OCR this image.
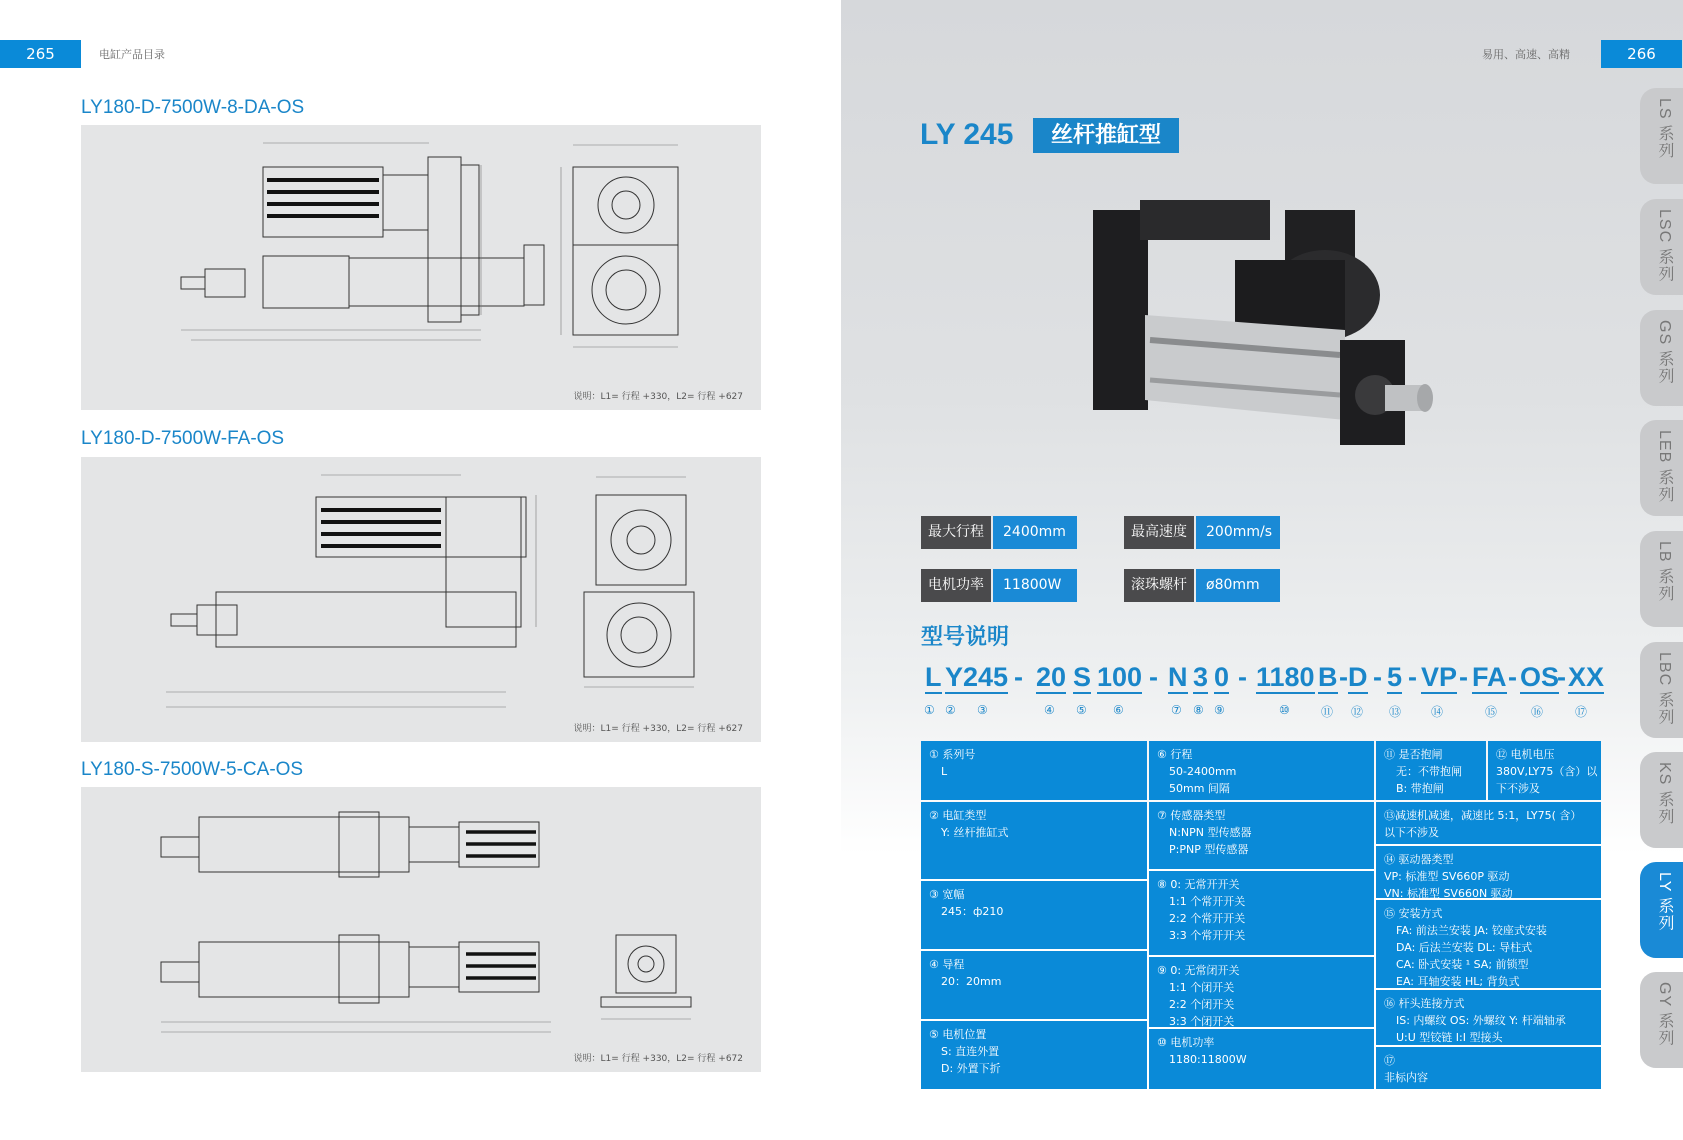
265	电缸产品目录
LY180-D-7500W-8-DA-OS
说明：L1= 行程 +330，L2= 行程 +627
LY180-D-7500W-FA-OS
说明：L1= 行程 +330，L2= 行程 +627
LY180-S-7500W-5-CA-OS
说明：L1= 行程 +330，L2= 行程 +672
易用、高速、高精	266
LY 245	丝杆推缸型
最大行程	2400mm	最高速度	200mm/s
电机功率	11800W	滚珠螺杆	ø80mm
型号说明
L Y 245 - 20 S 100 - N 3 0 - 1180 B - D - 5 - VP - FA - OS
- XX
① ② ③	④ ⑤ ⑥	⑦ ⑧ ⑨	⑩	⑪ ⑫ ⑬ ⑭	⑮	⑯	⑰
① 系列号
L
② 电缸类型
Y: 丝杆推缸式
③ 宽幅
245：ф210
④ 导程
20：20mm
⑤ 电机位置
S: 直连外置
D: 外置下折
⑥ 行程
50-2400mm
50mm 间隔
⑦ 传感器类型
N:NPN 型传感器
P:PNP 型传感器
⑧ 0: 无常开开关
1:1 个常开开关
2:2 个常开开关
3:3 个常开开关
⑨ 0: 无常闭开关
1:1 个闭开关
2:2 个闭开关
3:3 个闭开关
⑩ 电机功率
1180:11800W
⑪ 是否抱闸
无：不带抱闸
B: 带抱闸
⑫ 电机电压
380V,LY75（含）以
下不涉及
⑬减速机减速，减速比 5:1，LY75( 含）
以下不涉及
⑭ 驱动器类型
VP: 标准型 SV660P 驱动
VN: 标准型 SV660N 驱动
⑮ 安装方式
FA: 前法兰安装 JA: 铰座式安装
DA: 后法兰安装 DL: 导柱式
CA: 卧式安装 ¹ SA; 前锁型
EA: 耳轴安装 HL; 背负式
⑯ 杆头连接方式
IS: 内螺纹 OS: 外螺纹 Y: 杆端轴承
U:U 型铰链 I:I 型接头
⑰
非标内容
LS 系列
LSC 系列
GS 系列
LEB 系列
LB 系列
LBC 系列
KS 系列
LY 系列
GY 系列
